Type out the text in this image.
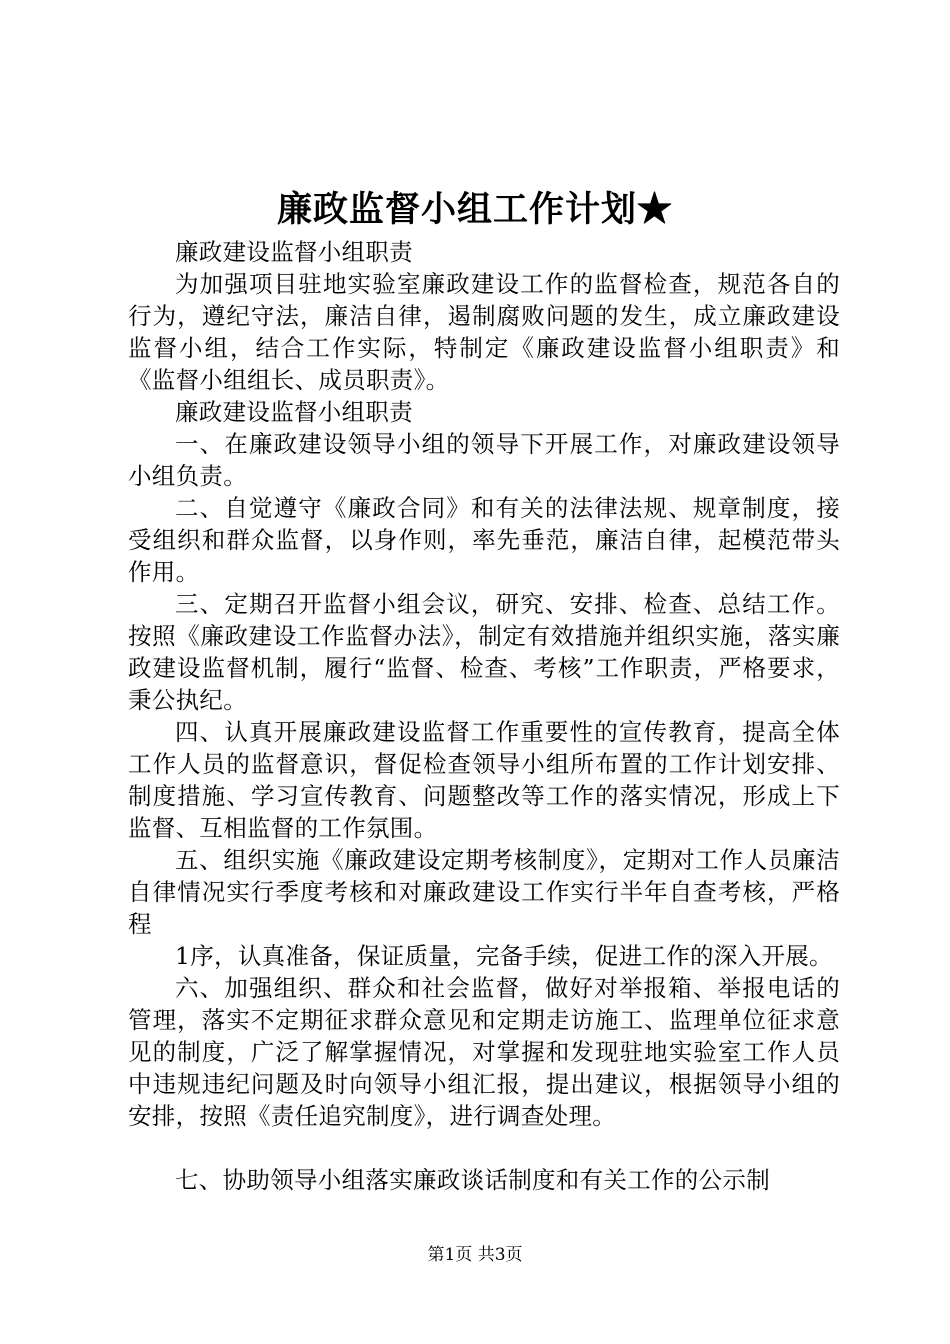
廉政监督小组工作计划★

廉政建设监督小组职责

为加强项目驻地实验室廉政建设工作的监督检查，规范各自的行为，遵纪守法，廉洁自律，遏制腐败问题的发生，成立廉政建设监督小组，结合工作实际，特制定《廉政建设监督小组职责》和《监督小组组长、成员职责》。

廉政建设监督小组职责

一、在廉政建设领导小组的领导下开展工作，对廉政建设领导小组负责。

二、自觉遵守《廉政合同》和有关的法律法规、规章制度，接受组织和群众监督，以身作则，率先垂范，廉洁自律，起模范带头作用。

三、定期召开监督小组会议，研究、安排、检查、总结工作。按照《廉政建设工作监督办法》，制定有效措施并组织实施，落实廉政建设监督机制，履行“监督、检查、考核”工作职责，严格要求，秉公执纪。

四、认真开展廉政建设监督工作重要性的宣传教育，提高全体工作人员的监督意识，督促检查领导小组所布置的工作计划安排、制度措施、学习宣传教育、问题整改等工作的落实情况，形成上下监督、互相监督的工作氛围。

五、组织实施《廉政建设定期考核制度》，定期对工作人员廉洁自律情况实行季度考核和对廉政建设工作实行半年自查考核，严格程

1序，认真准备，保证质量，完备手续，促进工作的深入开展。

六、加强组织、群众和社会监督，做好对举报箱、举报电话的管理，落实不定期征求群众意见和定期走访施工、监理单位征求意见的制度，广泛了解掌握情况，对掌握和发现驻地实验室工作人员中违规违纪问题及时向领导小组汇报，提出建议，根据领导小组的安排，按照《责任追究制度》，进行调查处理。

七、协助领导小组落实廉政谈话制度和有关工作的公示制

第1页 共3页
